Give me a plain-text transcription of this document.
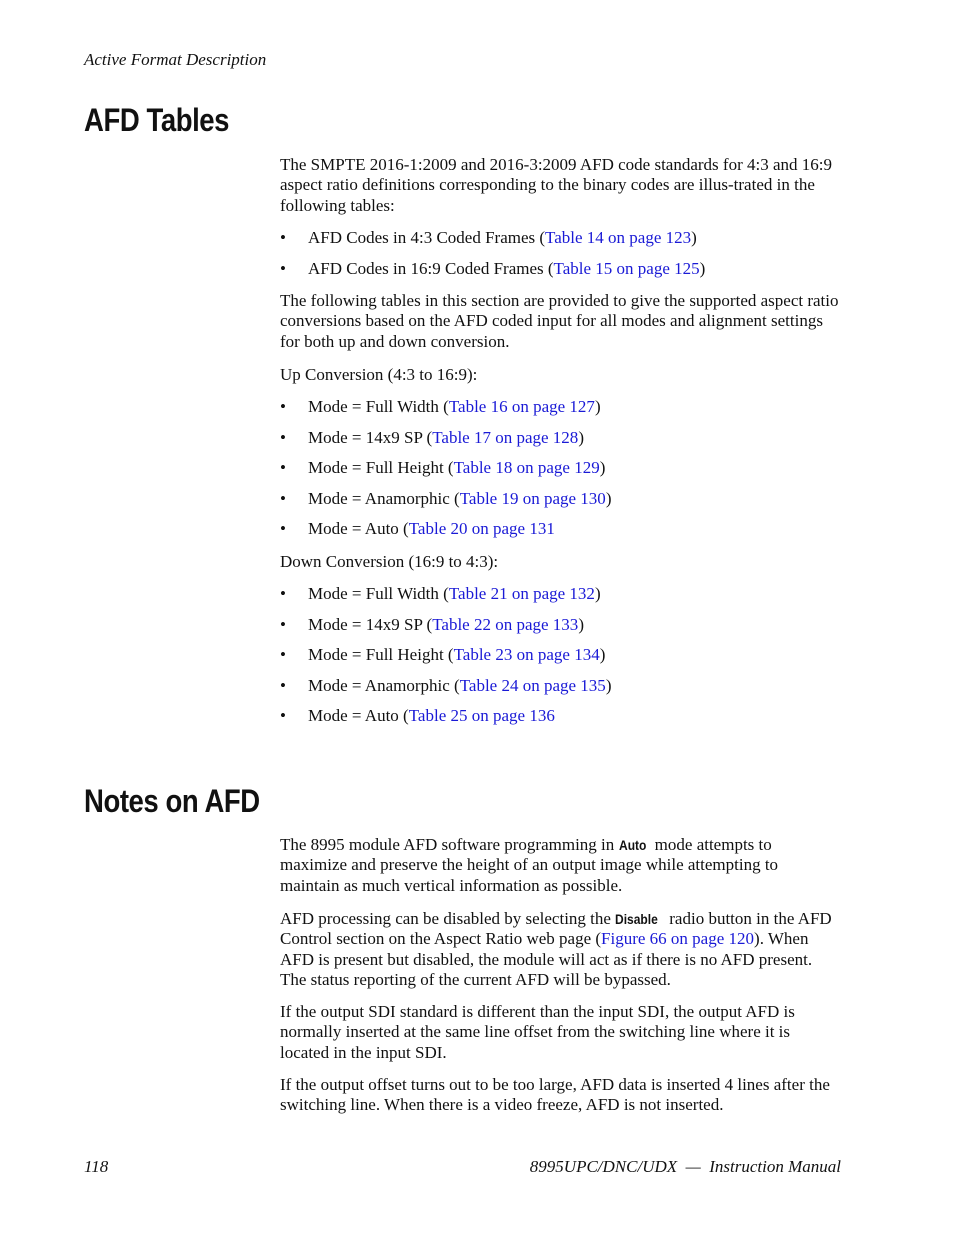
Active Format Description
AFD Tables

The SMPTE 2016-1:2009 and 2016-3:2009 AFD code standards for 4:3 and 16:9 aspect ratio definitions corresponding to the binary codes are illus-trated in the following tables:

• AFD Codes in 4:3 Coded Frames (Table 14 on page 123)
• AFD Codes in 16:9 Coded Frames (Table 15 on page 125)

The following tables in this section are provided to give the supported aspect ratio conversions based on the AFD coded input for all modes and alignment settings for both up and down conversion.

Up Conversion (4:3 to 16:9):

• Mode = Full Width (Table 16 on page 127)
• Mode = 14x9 SP (Table 17 on page 128)
• Mode = Full Height (Table 18 on page 129)
• Mode = Anamorphic (Table 19 on page 130)
• Mode = Auto (Table 20 on page 131

Down Conversion (16:9 to 4:3):

• Mode = Full Width (Table 21 on page 132)
• Mode = 14x9 SP (Table 22 on page 133)
• Mode = Full Height (Table 23 on page 134)
• Mode = Anamorphic (Table 24 on page 135)
• Mode = Auto (Table 25 on page 136
Notes on AFD

The 8995 module AFD software programming in Auto mode attempts to maximize and preserve the height of an output image while attempting to maintain as much vertical information as possible.

AFD processing can be disabled by selecting the Disable radio button in the AFD Control section on the Aspect Ratio web page (Figure 66 on page 120). When AFD is present but disabled, the module will act as if there is no AFD present. The status reporting of the current AFD will be bypassed.

If the output SDI standard is different than the input SDI, the output AFD is normally inserted at the same line offset from the switching line where it is located in the input SDI.

If the output offset turns out to be too large, AFD data is inserted 4 lines after the switching line. When there is a video freeze, AFD is not inserted.

118	8995UPC/DNC/UDX  —  Instruction Manual
